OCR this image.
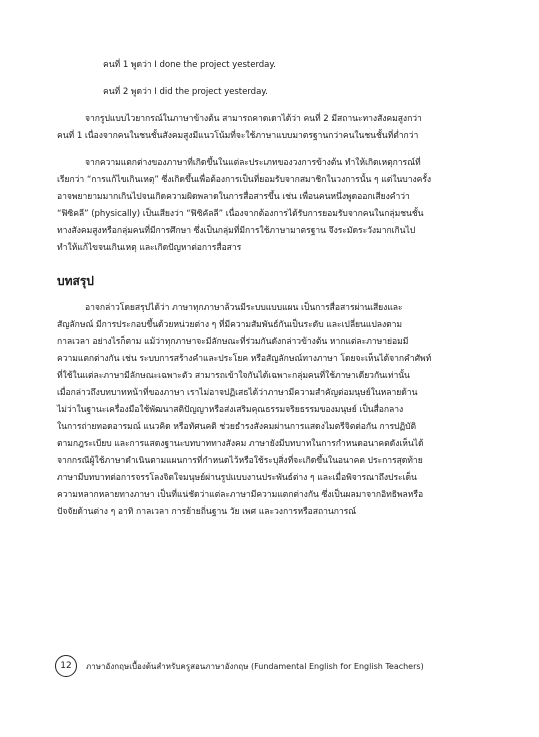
คนที่ 1 พูดว่า I done the project yesterday.
คนที่ 2 พูดว่า I did the project yesterday.
จากรูปแบบไวยากรณ์ในภาษาข้างต้น สามารถคาดเดาได้ว่า คนที่ 2 มีสถานะทางสังคมสูงกว่า
คนที่ 1 เนื่องจากคนในชนชั้นสังคมสูงมีแนวโน้มที่จะใช้ภาษาแบบมาตรฐานกว่าคนในชนชั้นที่ต่ำกว่า
จากความแตกต่างของภาษาที่เกิดขึ้นในแต่ละประเภทของวงการข้างต้น ทำให้เกิดเหตุการณ์ที่
เรียกว่า “การแก้ไขเกินเหตุ” ซึ่งเกิดขึ้นเพื่อต้องการเป็นที่ยอมรับจากสมาชิกในวงการนั้น ๆ แต่ในบางครั้ง
อาจพยายามมากเกินไปจนเกิดความผิดพลาดในการสื่อสารขึ้น เช่น เพื่อนคนหนึ่งพูดออกเสียงคำว่า
“ฟิซิคลี” (physically) เป็นเสียงว่า “ฟิซิคัลลี” เนื่องจากต้องการได้รับการยอมรับจากคนในกลุ่มชนชั้น
ทางสังคมสูงหรือกลุ่มคนที่มีการศึกษา ซึ่งเป็นกลุ่มที่มีการใช้ภาษามาตรฐาน จึงระมัดระวังมากเกินไป
ทำให้แก้ไขจนเกินเหตุ และเกิดปัญหาต่อการสื่อสาร
บทสรุป
อาจกล่าวโดยสรุปได้ว่า ภาษาทุกภาษาล้วนมีระบบแบบแผน เป็นการสื่อสารผ่านเสียงและ
สัญลักษณ์ มีการประกอบขึ้นด้วยหน่วยต่าง ๆ ที่มีความสัมพันธ์กันเป็นระดับ และเปลี่ยนแปลงตาม
กาลเวลา อย่างไรก็ตาม แม้ว่าทุกภาษาจะมีลักษณะที่ร่วมกันดังกล่าวข้างต้น หากแต่ละภาษาย่อมมี
ความแตกต่างกัน เช่น ระบบการสร้างคำและประโยค หรือสัญลักษณ์ทางภาษา โดยจะเห็นได้จากคำศัพท์
ที่ใช้ในแต่ละภาษามีลักษณะเฉพาะตัว สามารถเข้าใจกันได้เฉพาะกลุ่มคนที่ใช้ภาษาเดียวกันเท่านั้น
เมื่อกล่าวถึงบทบาทหน้าที่ของภาษา เราไม่อาจปฏิเสธได้ว่าภาษามีความสำคัญต่อมนุษย์ในหลายด้าน
ไม่ว่าในฐานะเครื่องมือใช้พัฒนาสติปัญญาหรือส่งเสริมคุณธรรมจริยธรรมของมนุษย์ เป็นสื่อกลาง
ในการถ่ายทอดอารมณ์ แนวคิด หรือทัศนคติ ช่วยธำรงสังคมผ่านการแสดงไมตรีจิตต่อกัน การปฏิบัติ
ตามกฎระเบียบ และการแสดงฐานะบทบาททางสังคม ภาษายังมีบทบาทในการกำหนดอนาคตดังเห็นได้
จากกรณีผู้ใช้ภาษาดำเนินตามแผนการที่กำหนดไว้หรือใช้ระบุสิ่งที่จะเกิดขึ้นในอนาคต ประการสุดท้าย
ภาษามีบทบาทต่อการจรรโลงจิตใจมนุษย์ผ่านรูปแบบงานประพันธ์ต่าง ๆ และเมื่อพิจารณาถึงประเด็น
ความหลากหลายทางภาษา เป็นที่แน่ชัดว่าแต่ละภาษามีความแตกต่างกัน ซึ่งเป็นผลมาจากอิทธิพลหรือ
ปัจจัยด้านต่าง ๆ อาทิ กาลเวลา การย้ายถิ่นฐาน วัย เพศ และวงการหรือสถานการณ์
12 ภาษาอังกฤษเบื้องต้นสำหรับครูสอนภาษาอังกฤษ (Fundamental English for English Teachers)
